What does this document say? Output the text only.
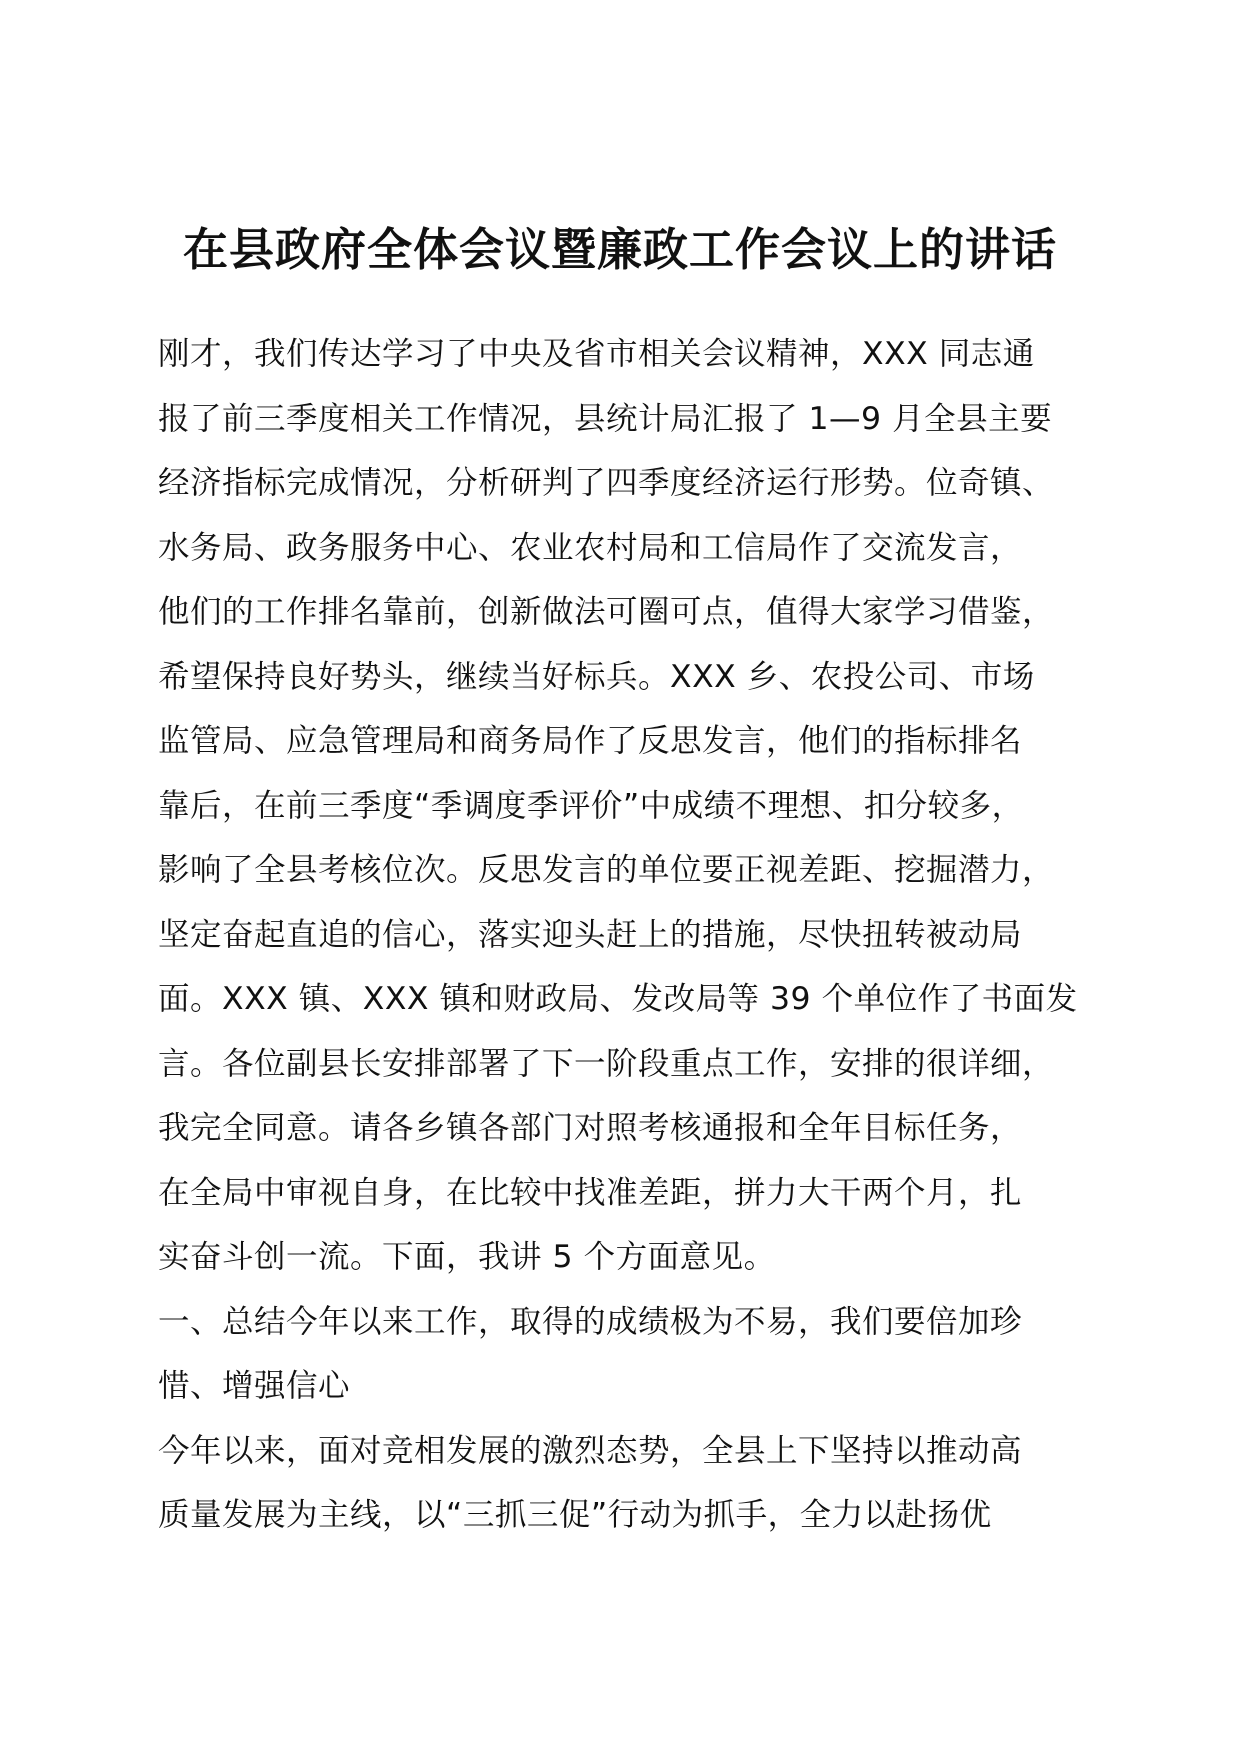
在县政府全体会议暨廉政工作会议上的讲话
刚才，我们传达学习了中央及省市相关会议精神，XXX 同志通
报了前三季度相关工作情况，县统计局汇报了 1—9 月全县主要
经济指标完成情况，分析研判了四季度经济运行形势。位奇镇、
水务局、政务服务中心、农业农村局和工信局作了交流发言，
他们的工作排名靠前，创新做法可圈可点，值得大家学习借鉴，
希望保持良好势头，继续当好标兵。XXX 乡、农投公司、市场
监管局、应急管理局和商务局作了反思发言，他们的指标排名
靠后，在前三季度“季调度季评价”中成绩不理想、扣分较多，
影响了全县考核位次。反思发言的单位要正视差距、挖掘潜力，
坚定奋起直追的信心，落实迎头赶上的措施，尽快扭转被动局
面。XXX 镇、XXX 镇和财政局、发改局等 39 个单位作了书面发
言。各位副县长安排部署了下一阶段重点工作，安排的很详细，
我完全同意。请各乡镇各部门对照考核通报和全年目标任务，
在全局中审视自身，在比较中找准差距，拼力大干两个月，扎
实奋斗创一流。下面，我讲 5 个方面意见。
一、总结今年以来工作，取得的成绩极为不易，我们要倍加珍
惜、增强信心
今年以来，面对竞相发展的激烈态势，全县上下坚持以推动高
质量发展为主线，以“三抓三促”行动为抓手，全力以赴扬优
